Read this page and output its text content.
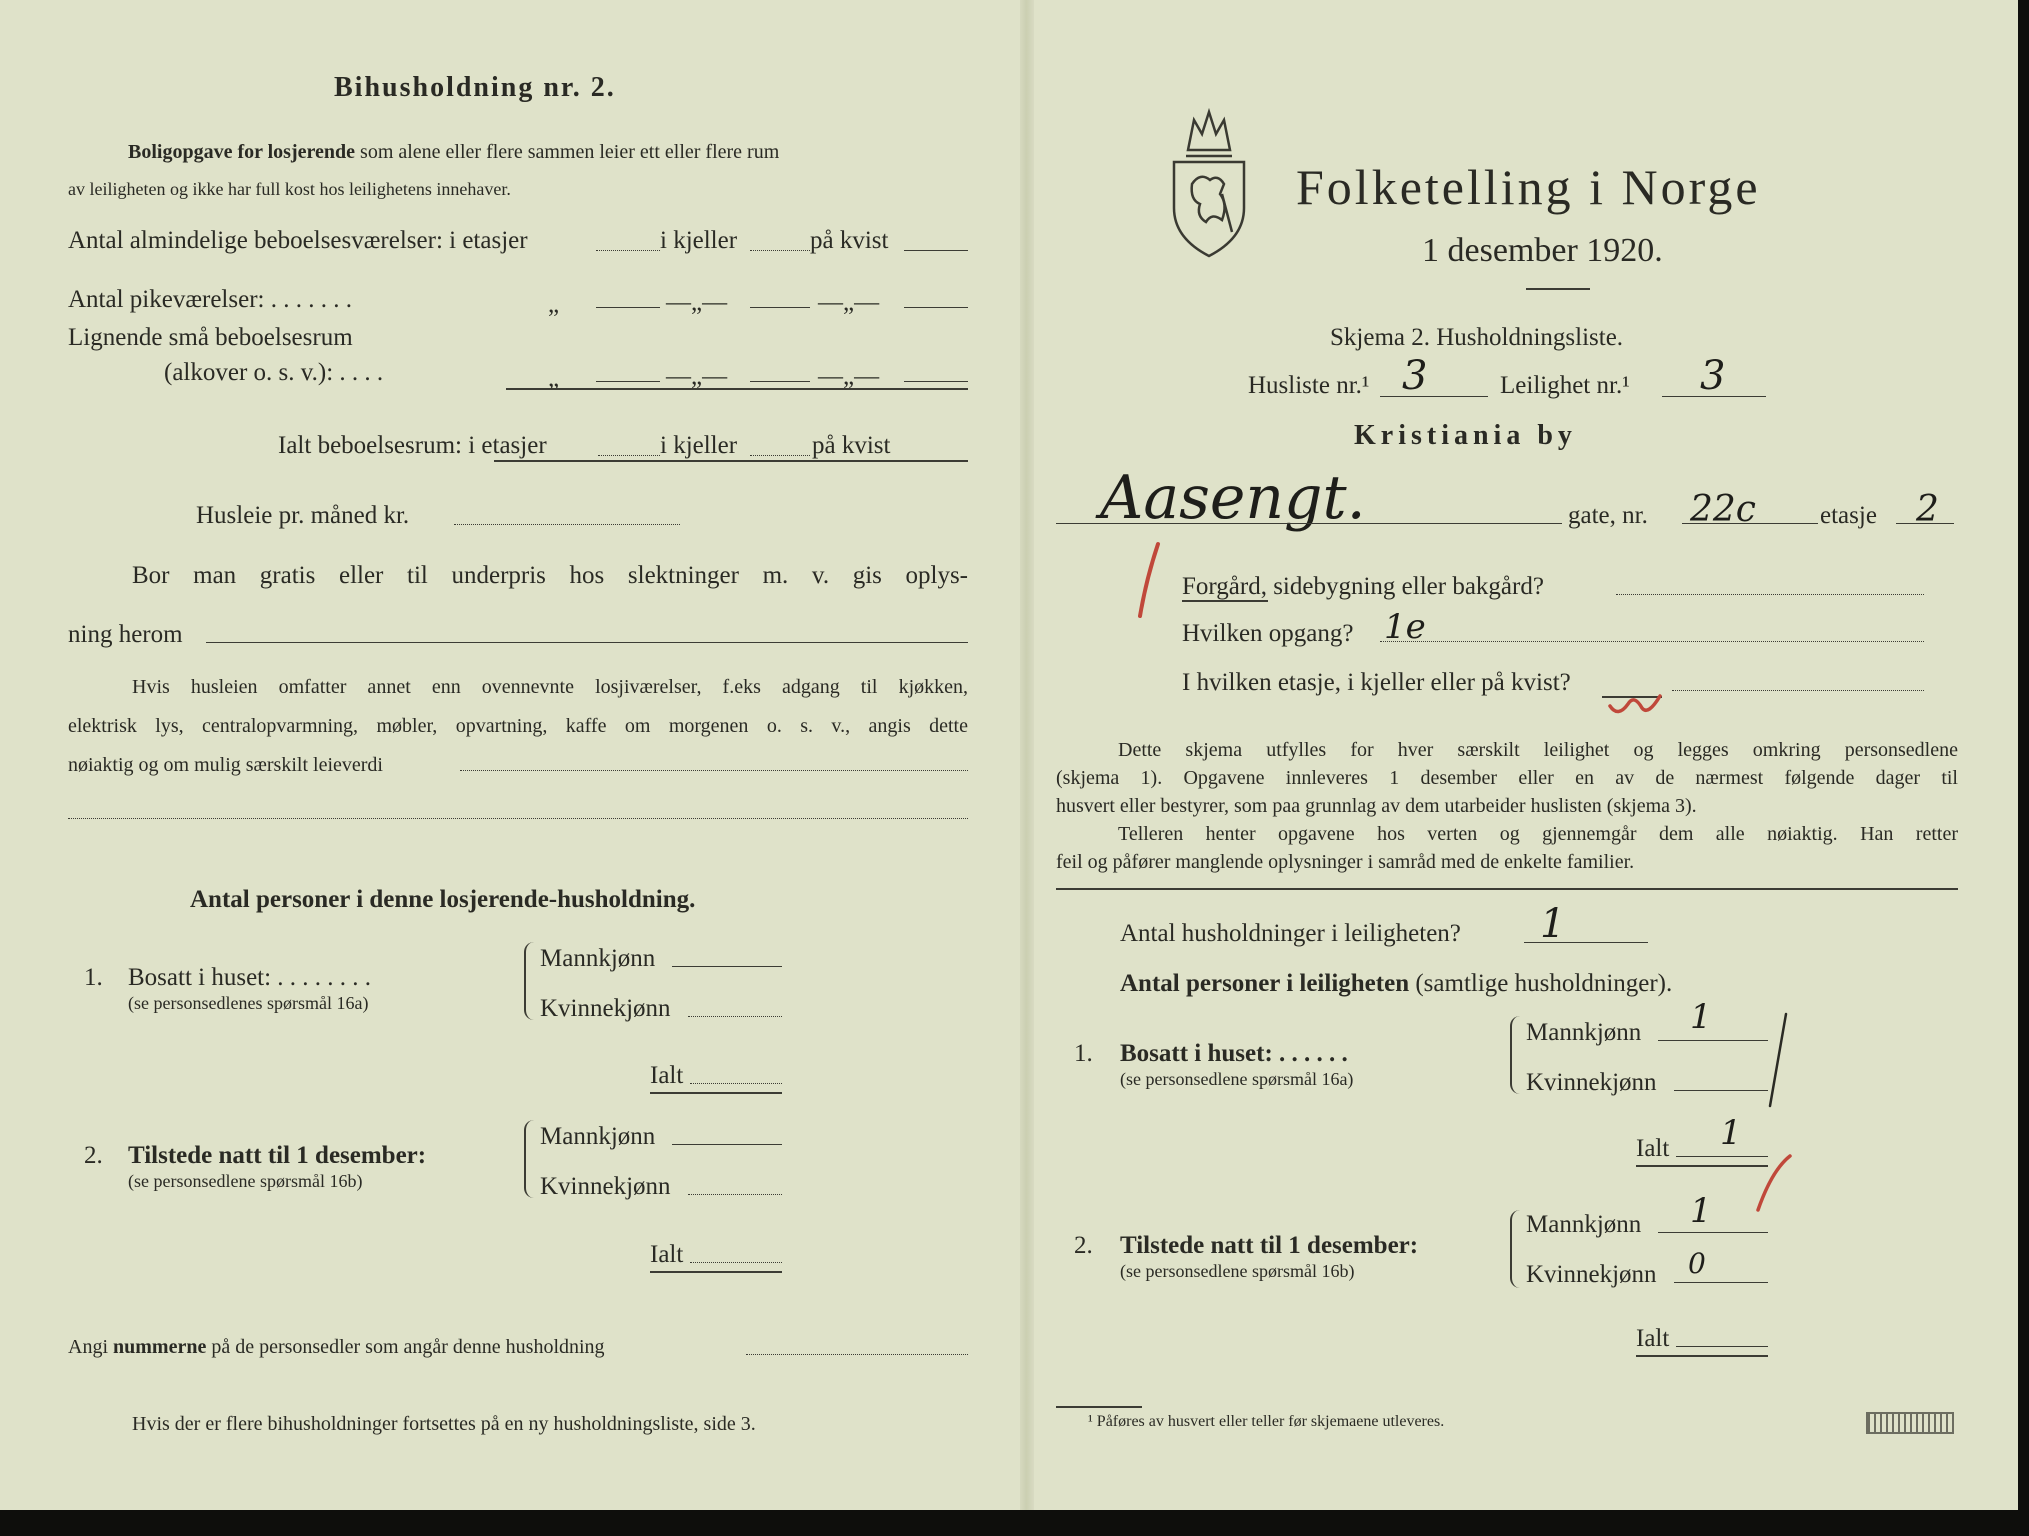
Bihusholdning nr. 2.
Boligopgave for losjerende som alene eller flere sammen leier ett eller flere rum
av leiligheten og ikke har full kost hos leilighetens innehaver.
Antal almindelige beboelsesværelser: i etasjer	i kjeller	på kvist
Antal pikeværelser: . . . . . . .	„	—„—	—„—
Lignende små beboelsesrum
(alkover o. s. v.): . . . .	„	—„—	—„—
Ialt beboelsesrum: i etasjer	i kjeller	på kvist
Husleie pr. måned kr.
Bor man gratis eller til underpris hos slektninger m. v. gis oplys-
ning herom
Hvis husleien omfatter annet enn ovennevnte losjiværelser, f.eks adgang til kjøkken,
elektrisk lys, centralopvarmning, møbler, opvartning, kaffe om morgenen o. s. v., angis dette
nøiaktig og om mulig særskilt leieverdi
Antal personer i denne losjerende-husholdning.
1. Bosatt i huset: . . . . . . . .
(se personsedlenes spørsmål 16a)
Mannkjønn
Kvinnekjønn
Ialt
2. Tilstede natt til 1 desember:
(se personsedlene spørsmål 16b)
Mannkjønn
Kvinnekjønn
Ialt
Angi nummerne på de personsedler som angår denne husholdning
Hvis der er flere bihusholdninger fortsettes på en ny husholdningsliste, side 3.
Folketelling i Norge
1 desember 1920.
Skjema 2. Husholdningsliste.
Husliste nr.¹ 3	Leilighet nr.¹ 3
Kristiania by
Aasengt.	gate, nr. 22c	etasje 2
Forgård, sidebygning eller bakgård?
Hvilken opgang? 1e
I hvilken etasje, i kjeller eller på kvist?
Dette skjema utfylles for hver særskilt leilighet og legges omkring personsedlene
(skjema 1). Opgavene innleveres 1 desember eller en av de nærmest følgende dager til
husvert eller bestyrer, som paa grunnlag av dem utarbeider huslisten (skjema 3).
Telleren henter opgavene hos verten og gjennemgår dem alle nøiaktig. Han retter
feil og påfører manglende oplysninger i samråd med de enkelte familier.
Antal husholdninger i leiligheten? 1
Antal personer i leiligheten (samtlige husholdninger).
1. Bosatt i huset: . . . . . .
(se personsedlene spørsmål 16a)
Mannkjønn 1
Kvinnekjønn
Ialt 1
2. Tilstede natt til 1 desember:
(se personsedlene spørsmål 16b)
Mannkjønn 1
Kvinnekjønn 0
Ialt
¹ Påføres av husvert eller teller før skjemaene utleveres.
